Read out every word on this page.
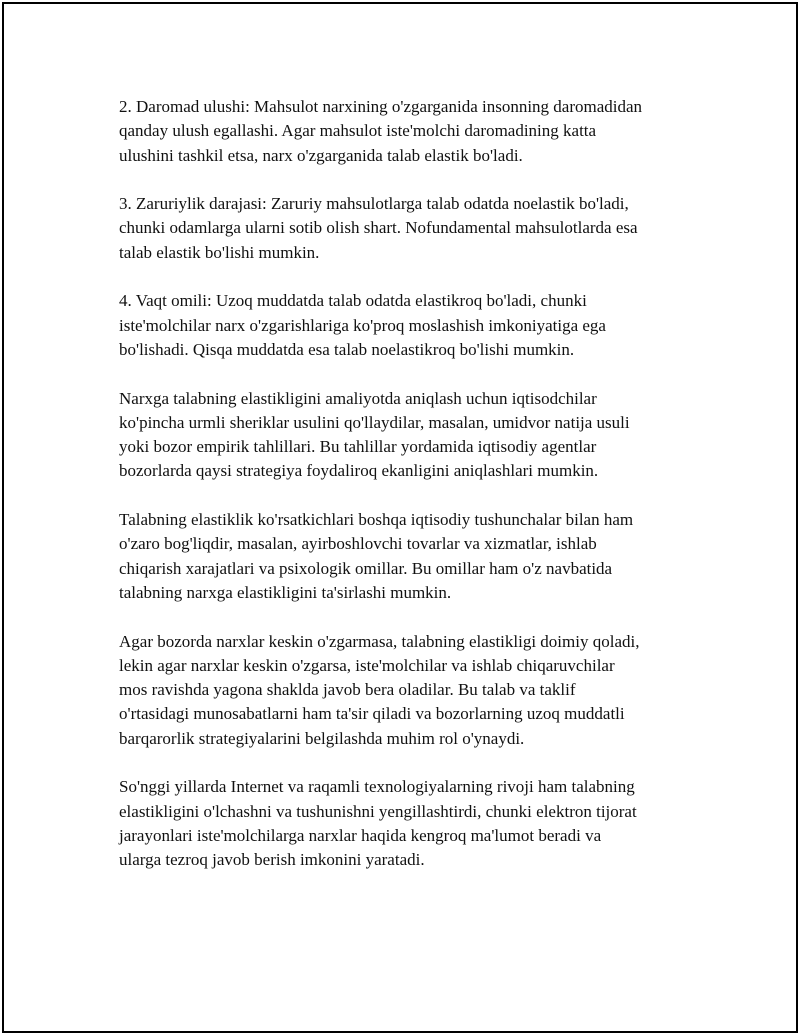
2. Daromad ulushi: Mahsulot narxining o'zgarganida insonning daromadidan
qanday ulush egallashi. Agar mahsulot iste'molchi daromadining katta
ulushini tashkil etsa, narx o'zgarganida talab elastik bo'ladi.

3. Zaruriylik darajasi: Zaruriy mahsulotlarga talab odatda noelastik bo'ladi,
chunki odamlarga ularni sotib olish shart. Nofundamental mahsulotlarda esa
talab elastik bo'lishi mumkin.

4. Vaqt omili: Uzoq muddatda talab odatda elastikroq bo'ladi, chunki
iste'molchilar narx o'zgarishlariga ko'proq moslashish imkoniyatiga ega
bo'lishadi. Qisqa muddatda esa talab noelastikroq bo'lishi mumkin.

Narxga talabning elastikligini amaliyotda aniqlash uchun iqtisodchilar
ko'pincha urmli sheriklar usulini qo'llaydilar, masalan, umidvor natija usuli
yoki bozor empirik tahlillari. Bu tahlillar yordamida iqtisodiy agentlar
bozorlarda qaysi strategiya foydaliroq ekanligini aniqlashlari mumkin.

Talabning elastiklik ko'rsatkichlari boshqa iqtisodiy tushunchalar bilan ham
o'zaro bog'liqdir, masalan, ayirboshlovchi tovarlar va xizmatlar, ishlab
chiqarish xarajatlari va psixologik omillar. Bu omillar ham o'z navbatida
talabning narxga elastikligini ta'sirlashi mumkin.

Agar bozorda narxlar keskin o'zgarmasa, talabning elastikligi doimiy qoladi,
lekin agar narxlar keskin o'zgarsa, iste'molchilar va ishlab chiqaruvchilar
mos ravishda yagona shaklda javob bera oladilar. Bu talab va taklif
o'rtasidagi munosabatlarni ham ta'sir qiladi va bozorlarning uzoq muddatli
barqarorlik strategiyalarini belgilashda muhim rol o'ynaydi.

So'nggi yillarda Internet va raqamli texnologiyalarning rivoji ham talabning
elastikligini o'lchashni va tushunishni yengillashtirdi, chunki elektron tijorat
jarayonlari iste'molchilarga narxlar haqida kengroq ma'lumot beradi va
ularga tezroq javob berish imkonini yaratadi.
